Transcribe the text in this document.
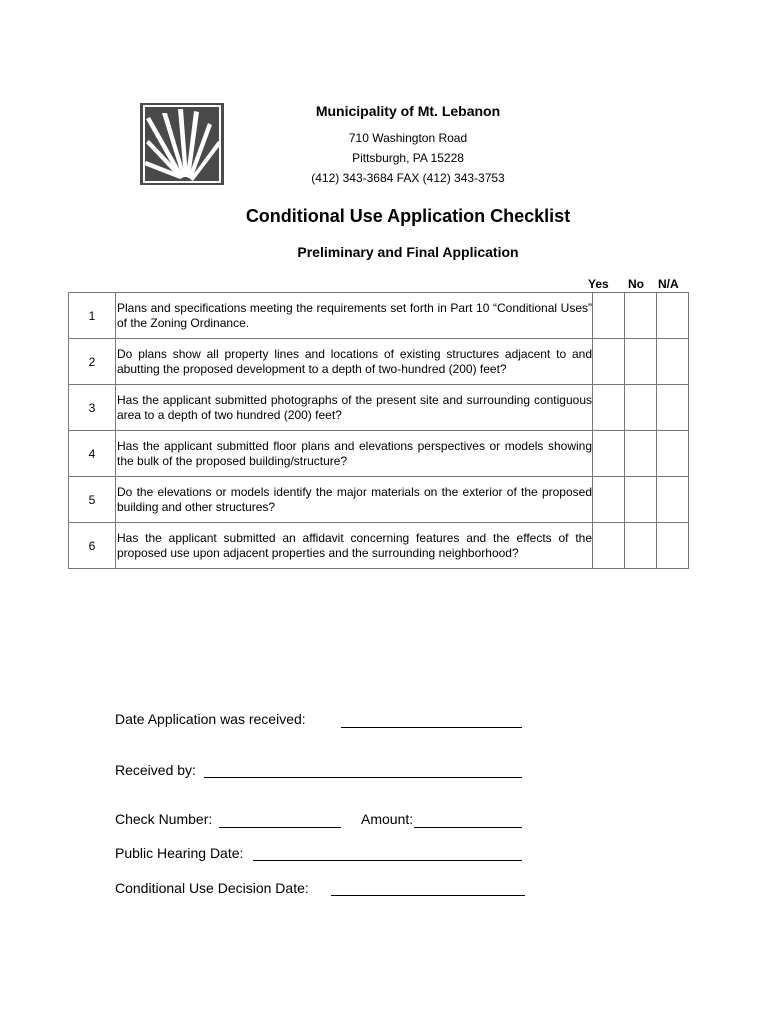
Municipality of Mt. Lebanon
710 Washington Road
Pittsburgh, PA 15228
(412) 343-3684 FAX (412) 343-3753
Conditional Use Application Checklist
Preliminary and Final Application
Yes No N/A
1	Plans and specifications meeting the requirements set forth in Part 10 “Conditional Uses” of the Zoning Ordinance.			
2	Do plans show all property lines and locations of existing structures adjacent to and abutting the proposed development to a depth of two-hundred (200) feet?			
3	Has the applicant submitted photographs of the present site and surrounding contiguous area to a depth of two hundred (200) feet?			
4	Has the applicant submitted floor plans and elevations perspectives or models showing the bulk of the proposed building/structure?			
5	Do the elevations or models identify the major materials on the exterior of the proposed building and other structures?			
6	Has the applicant submitted an affidavit concerning features and the effects of the proposed use upon adjacent properties and the surrounding neighborhood?			
Date Application was received:
Received by:
Check Number:	Amount:
Public Hearing Date:
Conditional Use Decision Date:
